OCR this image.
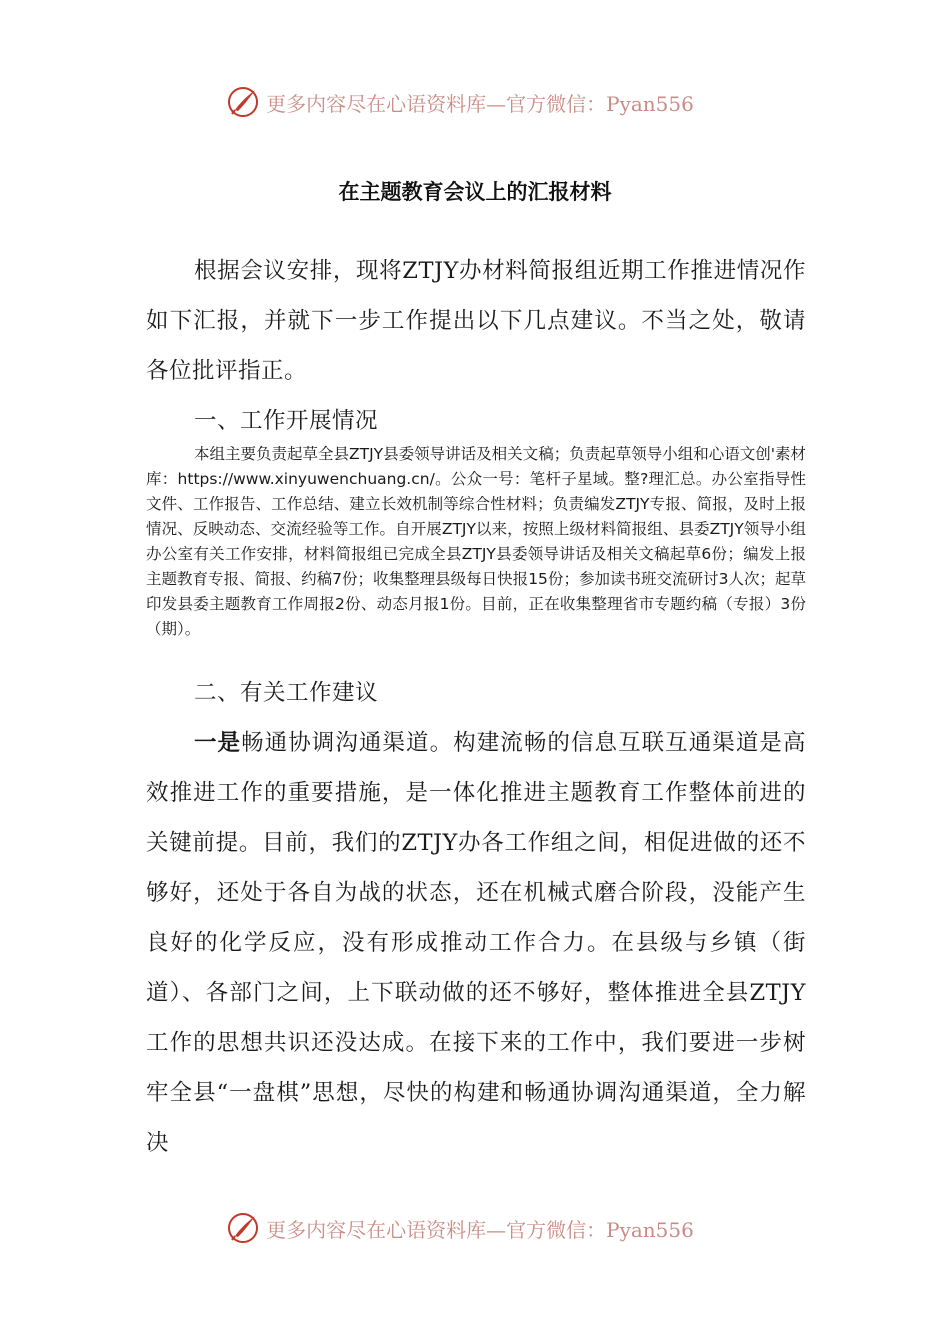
更多内容尽在心语资料库—官方微信：Pyan556
在主题教育会议上的汇报材料
根据会议安排，现将ZTJY办材料简报组近期工作推进情况作如下汇报，并就下一步工作提出以下几点建议。不当之处，敬请各位批评指正。
一、工作开展情况
本组主要负责起草全县ZTJY县委领导讲话及相关文稿；负责起草领导小组和心语文创'素材库：https://www.xinyuwenchuang.cn/。公众一号：笔杆子星域。整?理汇总。办公室指导性文件、工作报告、工作总结、建立长效机制等综合性材料；负责编发ZTJY专报、简报，及时上报情况、反映动态、交流经验等工作。自开展ZTJY以来，按照上级材料简报组、县委ZTJY领导小组办公室有关工作安排，材料简报组已完成全县ZTJY县委领导讲话及相关文稿起草6份；编发上报主题教育专报、简报、约稿7份；收集整理县级每日快报15份；参加读书班交流研讨3人次；起草印发县委主题教育工作周报2份、动态月报1份。目前，正在收集整理省市专题约稿（专报）3份（期）。
二、有关工作建议
一是畅通协调沟通渠道。构建流畅的信息互联互通渠道是高效推进工作的重要措施，是一体化推进主题教育工作整体前进的关键前提。目前，我们的ZTJY办各工作组之间，相促进做的还不够好，还处于各自为战的状态，还在机械式磨合阶段，没能产生良好的化学反应，没有形成推动工作合力。在县级与乡镇（街道）、各部门之间，上下联动做的还不够好，整体推进全县ZTJY工作的思想共识还没达成。在接下来的工作中，我们要进一步树牢全县“一盘棋”思想，尽快的构建和畅通协调沟通渠道，全力解决
更多内容尽在心语资料库—官方微信：Pyan556
